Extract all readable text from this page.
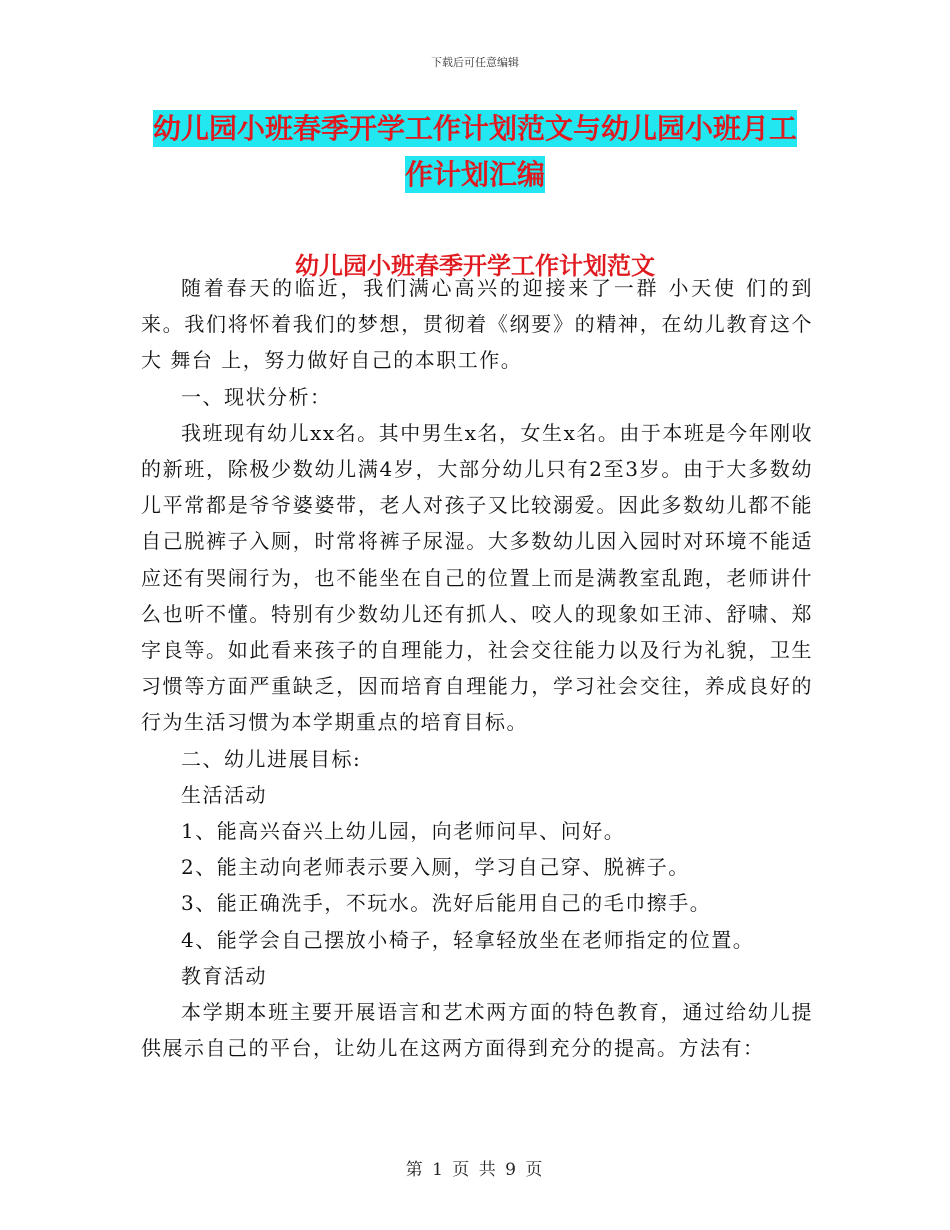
下载后可任意编辑
幼儿园小班春季开学工作计划范文与幼儿园小班月工
作计划汇编
幼儿园小班春季开学工作计划范文

随着春天的临近，我们满心高兴的迎接来了一群 小天使 们的到来。我们将怀着我们的梦想，贯彻着《纲要》的精神，在幼儿教育这个大 舞台 上，努力做好自己的本职工作。

一、现状分析：

我班现有幼儿xx名。其中男生x名，女生x名。由于本班是今年刚收的新班，除极少数幼儿满4岁，大部分幼儿只有2至3岁。由于大多数幼儿平常都是爷爷婆婆带，老人对孩子又比较溺爱。因此多数幼儿都不能自己脱裤子入厕，时常将裤子尿湿。大多数幼儿因入园时对环境不能适应还有哭闹行为，也不能坐在自己的位置上而是满教室乱跑，老师讲什么也听不懂。特别有少数幼儿还有抓人、咬人的现象如王沛、舒啸、郑字良等。如此看来孩子的自理能力，社会交往能力以及行为礼貌，卫生习惯等方面严重缺乏，因而培育自理能力，学习社会交往，养成良好的行为生活习惯为本学期重点的培育目标。

二、幼儿进展目标:

生活活动

1、能高兴奋兴上幼儿园，向老师问早、问好。

2、能主动向老师表示要入厕，学习自己穿、脱裤子。

3、能正确洗手，不玩水。洗好后能用自己的毛巾擦手。

4、能学会自己摆放小椅子，轻拿轻放坐在老师指定的位置。

教育活动

本学期本班主要开展语言和艺术两方面的特色教育，通过给幼儿提供展示自己的平台，让幼儿在这两方面得到充分的提高。方法有：

第 1 页 共 9 页
